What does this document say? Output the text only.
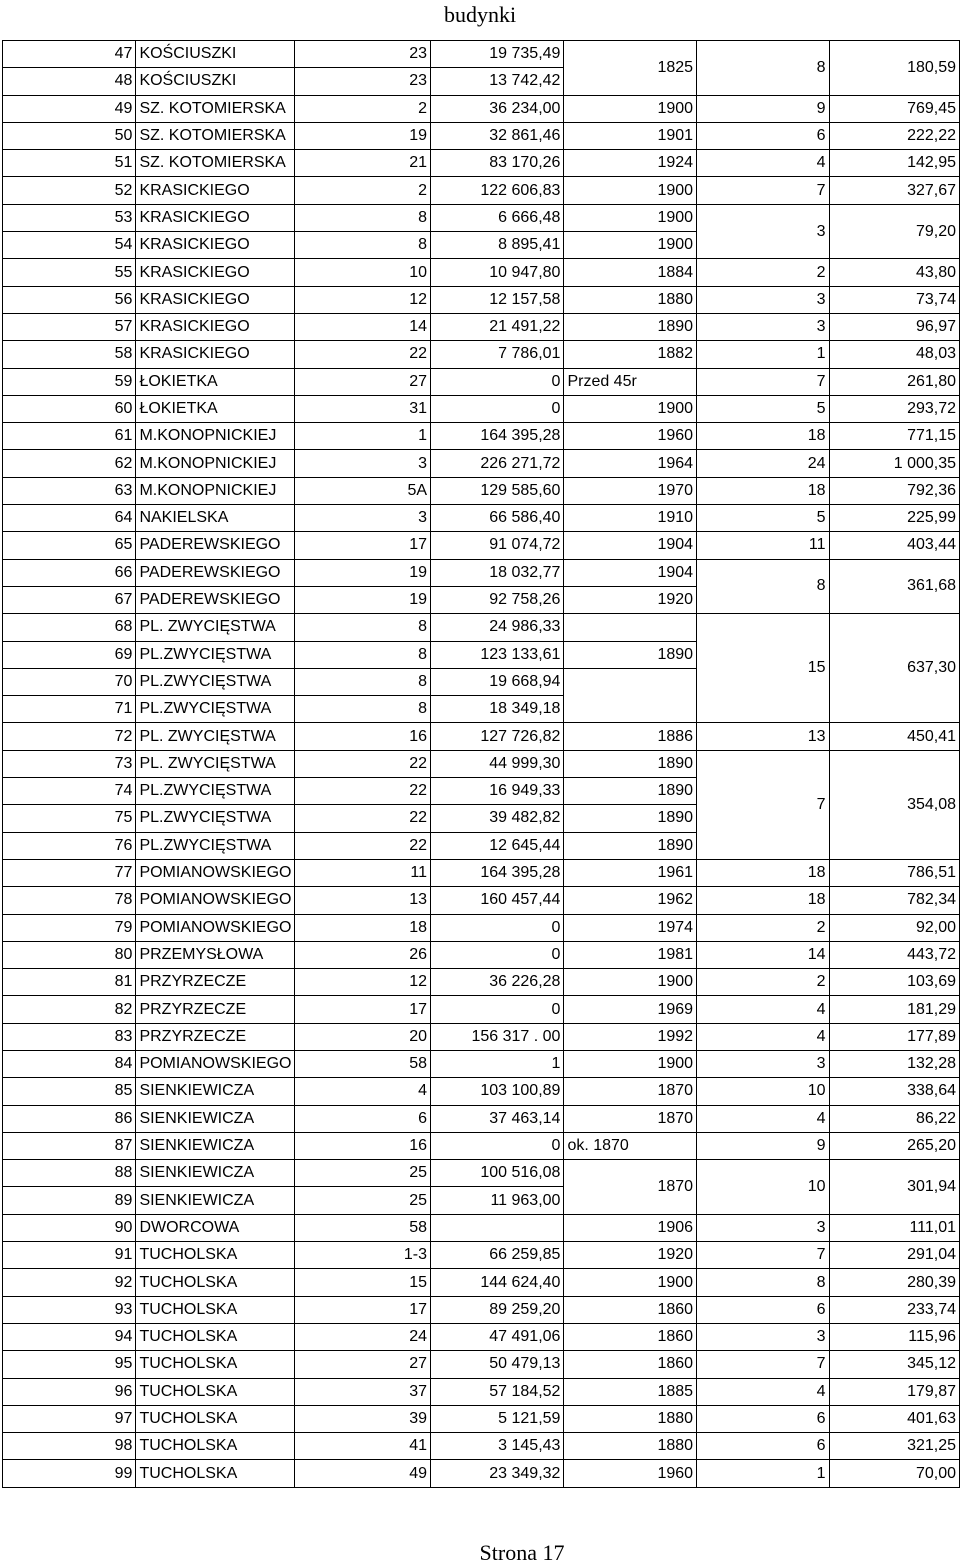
budynki
47	KOŚCIUSZKI	23	19 735,49	1825	8	180,59
48	KOŚCIUSZKI	23	13 742,42			
49	SZ. KOTOMIERSKA	2	36 234,00	1900	9	769,45
50	SZ. KOTOMIERSKA	19	32 861,46	1901	6	222,22
51	SZ. KOTOMIERSKA	21	83 170,26	1924	4	142,95
52	KRASICKIEGO	2	122 606,83	1900	7	327,67
53	KRASICKIEGO	8	6 666,48	1900	3	79,20
54	KRASICKIEGO	8	8 895,41	1900		
55	KRASICKIEGO	10	10 947,80	1884	2	43,80
56	KRASICKIEGO	12	12 157,58	1880	3	73,74
57	KRASICKIEGO	14	21 491,22	1890	3	96,97
58	KRASICKIEGO	22	7 786,01	1882	1	48,03
59	ŁOKIETKA	27	0	Przed 45r	7	261,80
60	ŁOKIETKA	31	0	1900	5	293,72
61	M.KONOPNICKIEJ	1	164 395,28	1960	18	771,15
62	M.KONOPNICKIEJ	3	226 271,72	1964	24	1 000,35
63	M.KONOPNICKIEJ	5A	129 585,60	1970	18	792,36
64	NAKIELSKA	3	66 586,40	1910	5	225,99
65	PADEREWSKIEGO	17	91 074,72	1904	11	403,44
66	PADEREWSKIEGO	19	18 032,77	1904	8	361,68
67	PADEREWSKIEGO	19	92 758,26	1920		
68	PL. ZWYCIĘSTWA	8	24 986,33		15	637,30
69	PL.ZWYCIĘSTWA	8	123 133,61	1890		
70	PL.ZWYCIĘSTWA	8	19 668,94			
71	PL.ZWYCIĘSTWA	8	18 349,18			
72	PL. ZWYCIĘSTWA	16	127 726,82	1886	13	450,41
73	PL. ZWYCIĘSTWA	22	44 999,30	1890	7	354,08
74	PL.ZWYCIĘSTWA	22	16 949,33	1890		
75	PL.ZWYCIĘSTWA	22	39 482,82	1890		
76	PL.ZWYCIĘSTWA	22	12 645,44	1890		
77	POMIANOWSKIEGO	11	164 395,28	1961	18	786,51
78	POMIANOWSKIEGO	13	160 457,44	1962	18	782,34
79	POMIANOWSKIEGO	18	0	1974	2	92,00
80	PRZEMYSŁOWA	26	0	1981	14	443,72
81	PRZYRZECZE	12	36 226,28	1900	2	103,69
82	PRZYRZECZE	17	0	1969	4	181,29
83	PRZYRZECZE	20	156 317 . 00	1992	4	177,89
84	POMIANOWSKIEGO	58	1	1900	3	132,28
85	SIENKIEWICZA	4	103 100,89	1870	10	338,64
86	SIENKIEWICZA	6	37 463,14	1870	4	86,22
87	SIENKIEWICZA	16	0	ok. 1870	9	265,20
88	SIENKIEWICZA	25	100 516,08	1870	10	301,94
89	SIENKIEWICZA	25	11 963,00			
90	DWORCOWA	58		1906	3	111,01
91	TUCHOLSKA	1-3	66 259,85	1920	7	291,04
92	TUCHOLSKA	15	144 624,40	1900	8	280,39
93	TUCHOLSKA	17	89 259,20	1860	6	233,74
94	TUCHOLSKA	24	47 491,06	1860	3	115,96
95	TUCHOLSKA	27	50 479,13	1860	7	345,12
96	TUCHOLSKA	37	57 184,52	1885	4	179,87
97	TUCHOLSKA	39	5 121,59	1880	6	401,63
98	TUCHOLSKA	41	3 145,43	1880	6	321,25
99	TUCHOLSKA	49	23 349,32	1960	1	70,00
Strona 17
